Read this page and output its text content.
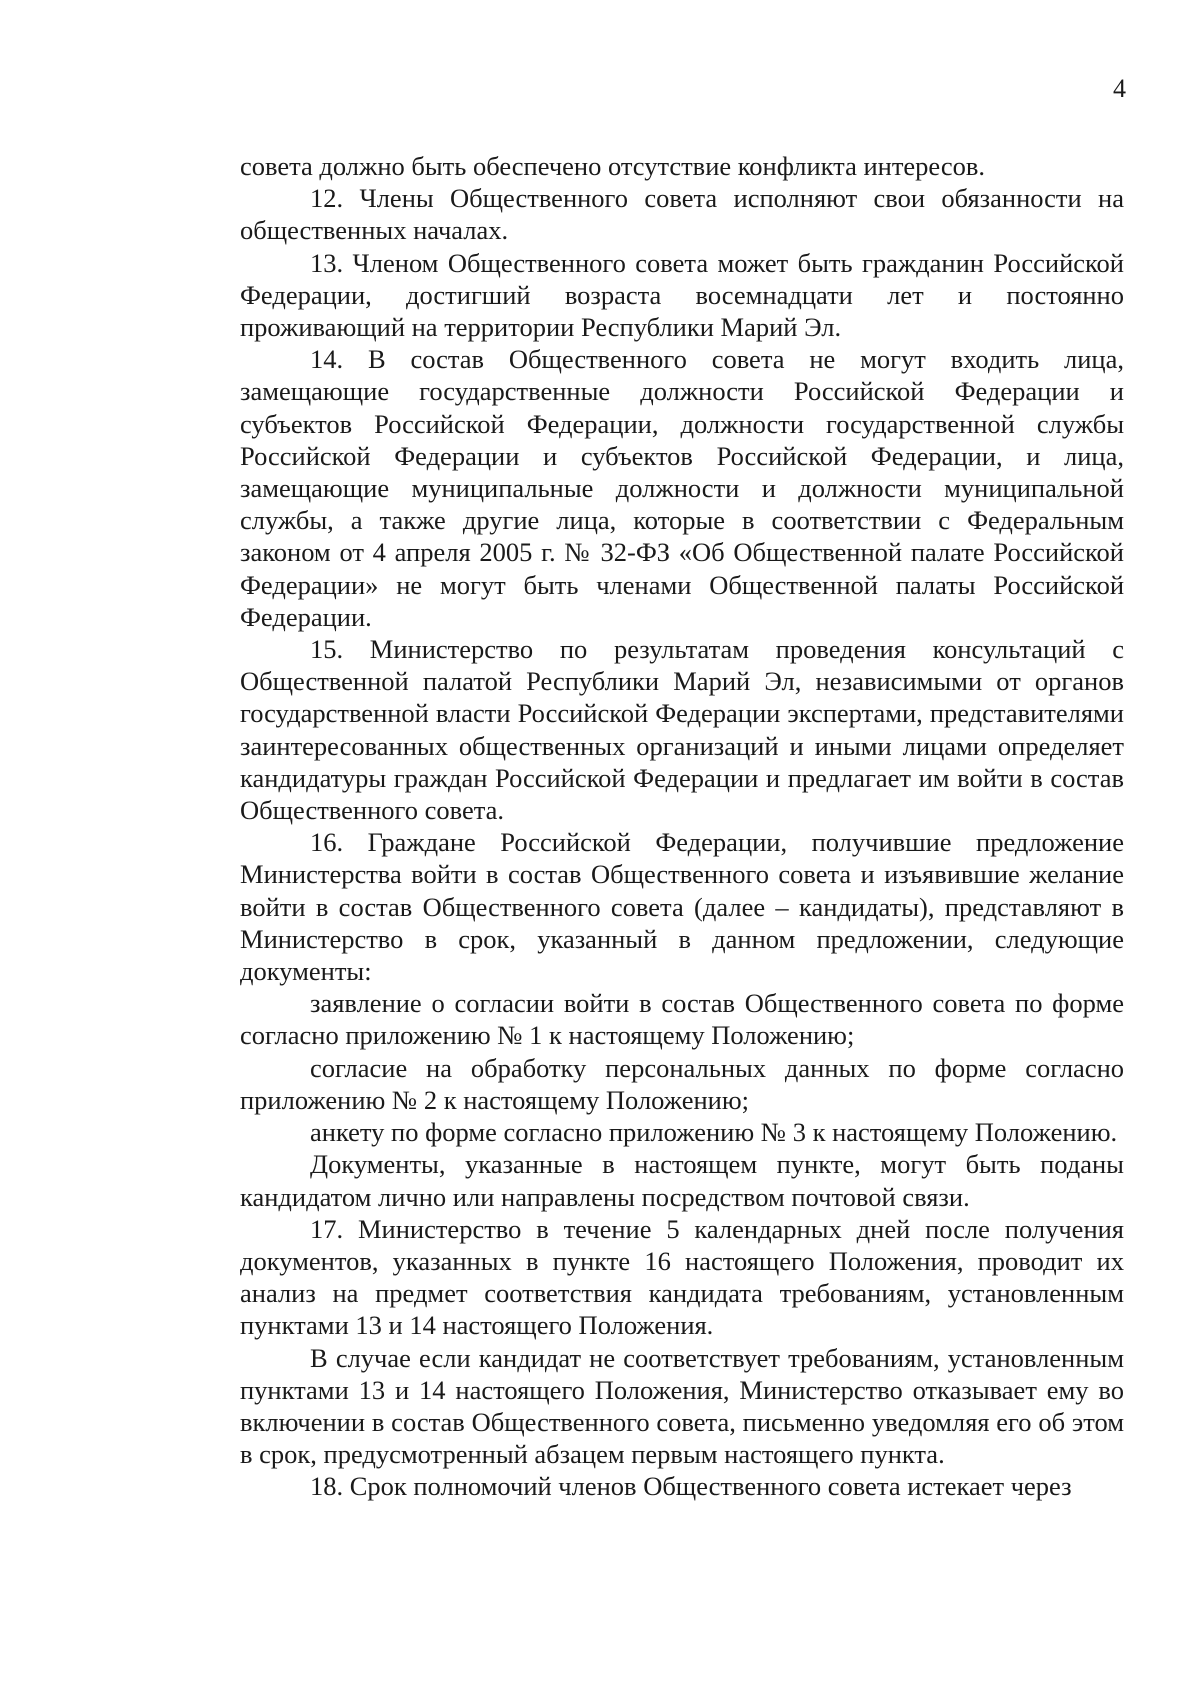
4

совета должно быть обеспечено отсутствие конфликта интересов.

12. Члены Общественного совета исполняют свои обязанности на общественных началах.

13. Членом Общественного совета может быть гражданин Российской Федерации, достигший возраста восемнадцати лет и постоянно проживающий на территории Республики Марий Эл.

14. В состав Общественного совета не могут входить лица, замещающие государственные должности Российской Федерации и субъектов Российской Федерации, должности государственной службы Российской Федерации и субъектов Российской Федерации, и лица, замещающие муниципальные должности и должности муниципальной службы, а также другие лица, которые в соответствии с Федеральным законом от 4 апреля 2005 г. № 32-ФЗ «Об Общественной палате Российской Федерации» не могут быть членами Общественной палаты Российской Федерации.

15. Министерство по результатам проведения консультаций с Общественной палатой Республики Марий Эл, независимыми от органов государственной власти Российской Федерации экспертами, представителями заинтересованных общественных организаций и иными лицами определяет кандидатуры граждан Российской Федерации и предлагает им войти в состав Общественного совета.

16. Граждане Российской Федерации, получившие предложение Министерства войти в состав Общественного совета и изъявившие желание войти в состав Общественного совета (далее – кандидаты), представляют в Министерство в срок, указанный в данном предложении, следующие документы:

заявление о согласии войти в состав Общественного совета по форме согласно приложению № 1 к настоящему Положению;

согласие на обработку персональных данных по форме согласно приложению № 2 к настоящему Положению;

анкету по форме согласно приложению № 3 к настоящему Положению.

Документы, указанные в настоящем пункте, могут быть поданы кандидатом лично или направлены посредством почтовой связи.

17. Министерство в течение 5 календарных дней после получения документов, указанных в пункте 16 настоящего Положения, проводит их анализ на предмет соответствия кандидата требованиям, установленным пунктами 13 и 14 настоящего Положения.

В случае если кандидат не соответствует требованиям, установленным пунктами 13 и 14 настоящего Положения, Министерство отказывает ему во включении в состав Общественного совета, письменно уведомляя его об этом в срок, предусмотренный абзацем первым настоящего пункта.

18. Срок полномочий членов Общественного совета истекает через
